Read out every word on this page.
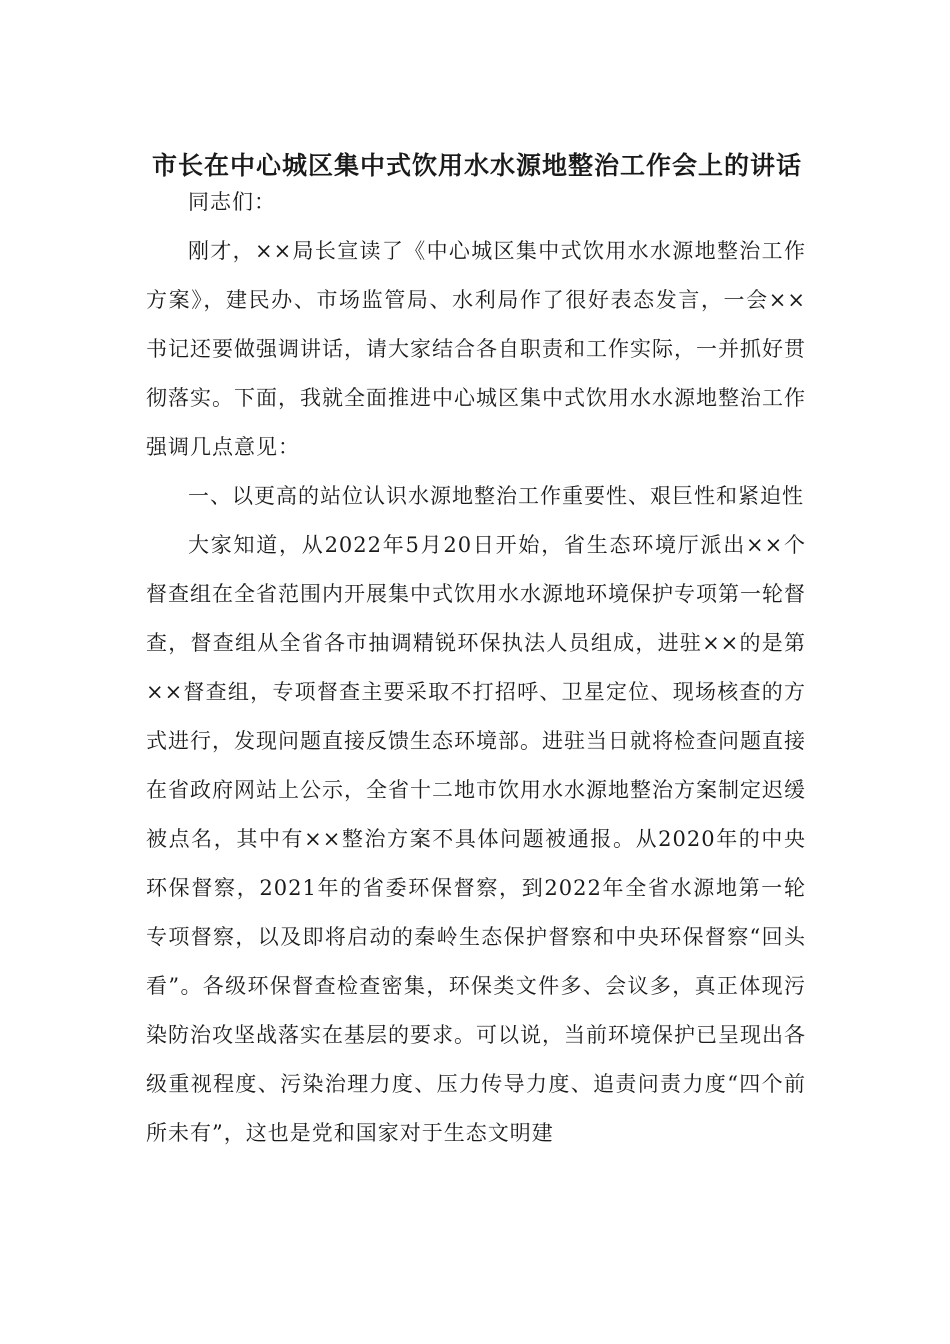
市长在中心城区集中式饮用水水源地整治工作会上的讲话

同志们：

刚才，××局长宣读了《中心城区集中式饮用水水源地整治工作方案》，建民办、市场监管局、水利局作了很好表态发言，一会××书记还要做强调讲话，请大家结合各自职责和工作实际，一并抓好贯彻落实。下面，我就全面推进中心城区集中式饮用水水源地整治工作强调几点意见：

一、以更高的站位认识水源地整治工作重要性、艰巨性和紧迫性

大家知道，从2022年5月20日开始，省生态环境厅派出××个督查组在全省范围内开展集中式饮用水水源地环境保护专项第一轮督查，督查组从全省各市抽调精锐环保执法人员组成，进驻××的是第××督查组，专项督查主要采取不打招呼、卫星定位、现场核查的方式进行，发现问题直接反馈生态环境部。进驻当日就将检查问题直接在省政府网站上公示，全省十二地市饮用水水源地整治方案制定迟缓被点名，其中有××整治方案不具体问题被通报。从2020年的中央环保督察，2021年的省委环保督察，到2022年全省水源地第一轮专项督察，以及即将启动的秦岭生态保护督察和中央环保督察“回头看”。各级环保督查检查密集，环保类文件多、会议多，真正体现污染防治攻坚战落实在基层的要求。可以说，当前环境保护已呈现出各级重视程度、污染治理力度、压力传导力度、追责问责力度“四个前所未有”，这也是党和国家对于生态文明建
